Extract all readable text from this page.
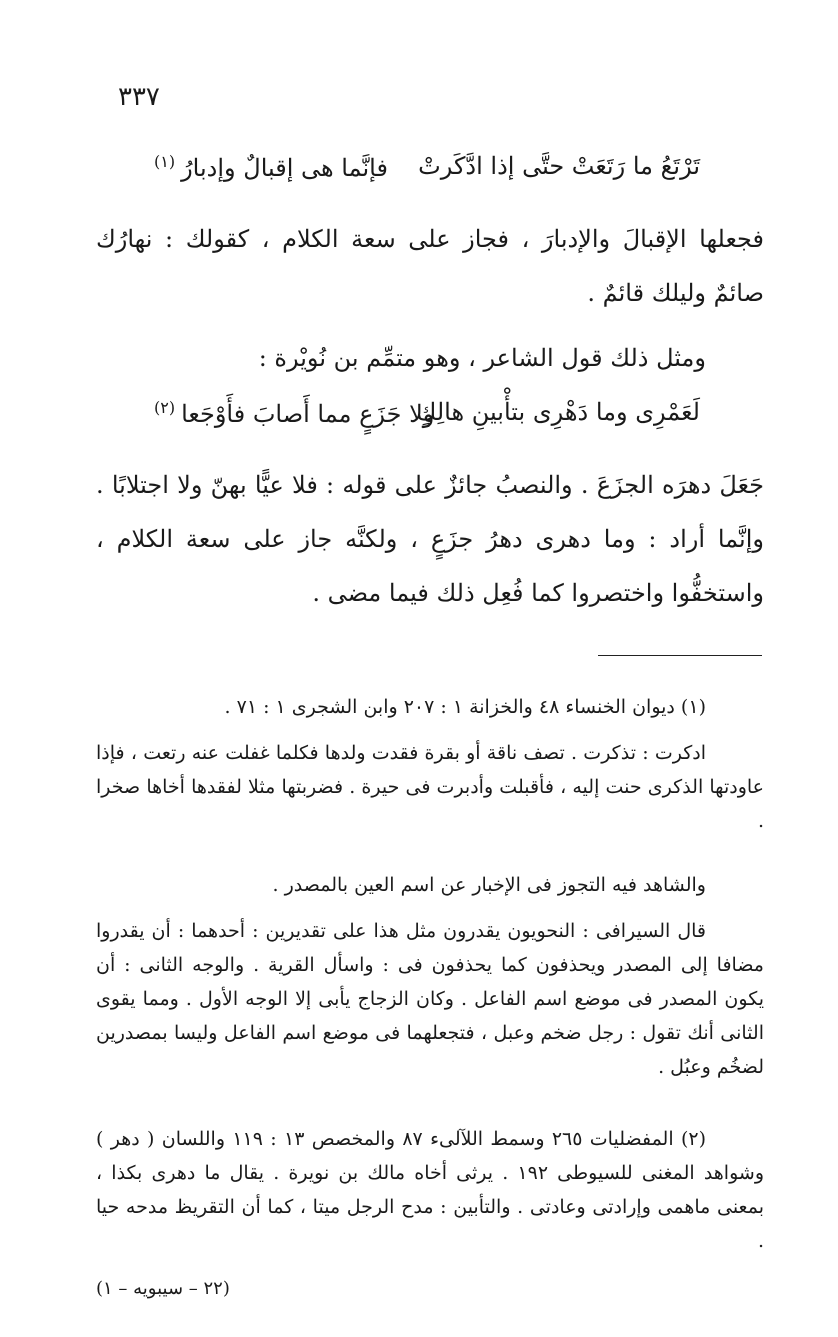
٣٣٧
تَرْتَعُ ما رَتَعَتْ حتَّى إذا ادَّكَرتْ
فإنَّما هى إقبالٌ وإدبارُ$^{(١)}$
فجعلها الإقبالَ والإدبارَ ، فجاز على سعة الكلام ، كقولك : نهارُك صائمٌ وليلك قائمٌ .
ومثل ذلك قول الشاعر ، وهو متمِّم بن نُويْرة :
لَعَمْرِى وما دَهْرِى بتأْبينِ هالِكٍ
ولا جَزَعٍ مما أَصابَ فأَوْجَعا$^{(٢)}$
جَعَلَ دهرَه الجزَعَ . والنصبُ جائزٌ على قوله : فلا عيًّا بهنّ ولا اجتلابًا . وإنَّما أراد : وما دهرى دهرُ جزَعٍ ، ولكنَّه جاز على سعة الكلام ، واستخفُّوا واختصروا كما فُعِل ذلك فيما مضى .
(١) ديوان الخنساء ٤٨ والخزانة ١ : ٢٠٧ وابن الشجرى ١ : ٧١ .
ادكرت : تذكرت . تصف ناقة أو بقرة فقدت ولدها فكلما غفلت عنه رتعت ، فإذا عاودتها الذكرى حنت إليه ، فأقبلت وأدبرت فى حيرة . فضربتها مثلا لفقدها أخاها صخرا .
والشاهد فيه التجوز فى الإخبار عن اسم العين بالمصدر .
قال السيرافى : النحويون يقدرون مثل هذا على تقديرين : أحدهما : أن يقدروا مضافا إلى المصدر ويحذفون كما يحذفون فى : واسأل القرية . والوجه الثانى : أن يكون المصدر فى موضع اسم الفاعل . وكان الزجاج يأبى إلا الوجه الأول . ومما يقوى الثانى أنك تقول : رجل ضخم وعبل ، فتجعلهما فى موضع اسم الفاعل وليسا بمصدرين لضخُم وعبُل .
(٢) المفضليات ٢٦٥ وسمط اللآلىء ٨٧ والمخصص ١٣ : ١١٩ واللسان ( دهر ) وشواهد المغنى للسيوطى ١٩٢ . يرثى أخاه مالك بن نويرة . يقال ما دهرى بكذا ، بمعنى ماهمى وإرادتى وعادتى . والتأبين : مدح الرجل ميتا ، كما أن التقريظ مدحه حيا .
(٢٢ – سيبويه – ١)
